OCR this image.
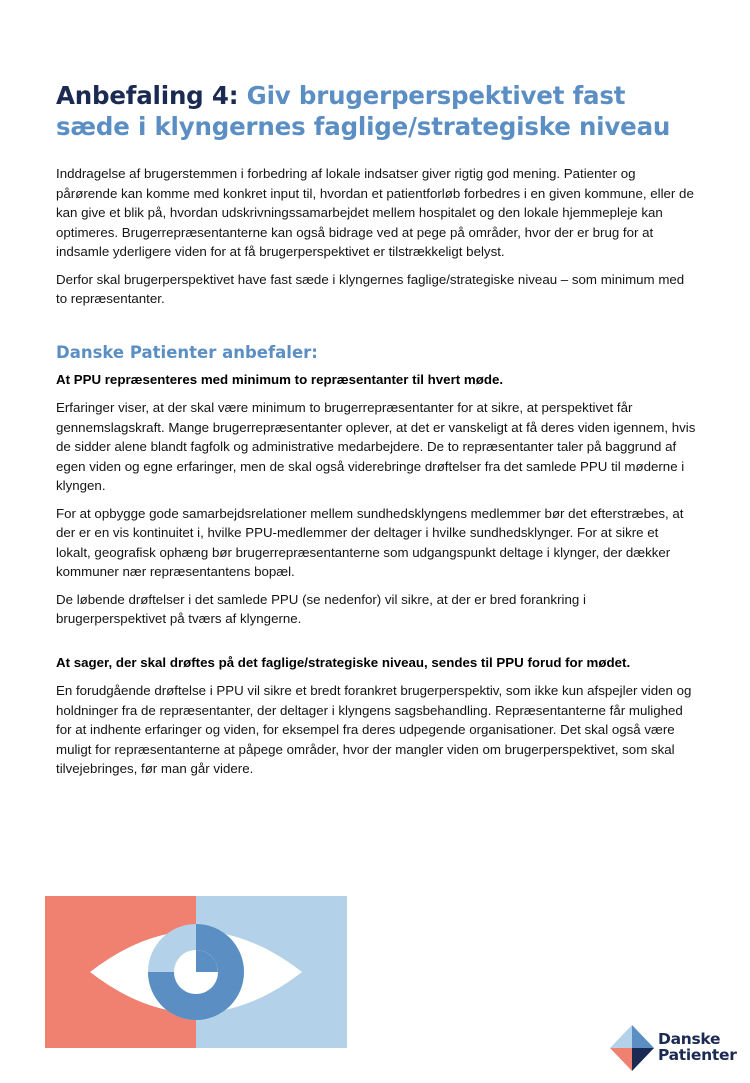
Anbefaling 4: Giv brugerperspektivet fast sæde i klyngernes faglige/strategiske niveau

Inddragelse af brugerstemmen i forbedring af lokale indsatser giver rigtig god mening. Patienter og pårørende kan komme med konkret input til, hvordan et patientforløb forbedres i en given kommune, eller de kan give et blik på, hvordan udskrivningssamarbejdet mellem hospitalet og den lokale hjemmepleje kan optimeres. Brugerrepræsentanterne kan også bidrage ved at pege på områder, hvor der er brug for at indsamle yderligere viden for at få brugerperspektivet er tilstrækkeligt belyst.

Derfor skal brugerperspektivet have fast sæde i klyngernes faglige/strategiske niveau – som minimum med to repræsentanter.

Danske Patienter anbefaler:

At PPU repræsenteres med minimum to repræsentanter til hvert møde.

Erfaringer viser, at der skal være minimum to brugerrepræsentanter for at sikre, at perspektivet får gennemslagskraft. Mange brugerrepræsentanter oplever, at det er vanskeligt at få deres viden igennem, hvis de sidder alene blandt fagfolk og administrative medarbejdere. De to repræsentanter taler på baggrund af egen viden og egne erfaringer, men de skal også viderebringe drøftelser fra det samlede PPU til møderne i klyngen.

For at opbygge gode samarbejdsrelationer mellem sundhedsklyngens medlemmer bør det efterstræbes, at der er en vis kontinuitet i, hvilke PPU-medlemmer der deltager i hvilke sundhedsklynger. For at sikre et lokalt, geografisk ophæng bør brugerrepræsentanterne som udgangspunkt deltage i klynger, der dækker kommuner nær repræsentantens bopæl.

De løbende drøftelser i det samlede PPU (se nedenfor) vil sikre, at der er bred forankring i brugerperspektivet på tværs af klyngerne.

At sager, der skal drøftes på det faglige/strategiske niveau, sendes til PPU forud for mødet.

En forudgående drøftelse i PPU vil sikre et bredt forankret brugerperspektiv, som ikke kun afspejler viden og holdninger fra de repræsentanter, der deltager i klyngens sagsbehandling. Repræsentanterne får mulighed for at indhente erfaringer og viden, for eksempel fra deres udpegende organisationer. Det skal også være muligt for repræsentanterne at påpege områder, hvor der mangler viden om brugerperspektivet, som skal tilvejebringes, før man går videre.

Danske
Patienter
